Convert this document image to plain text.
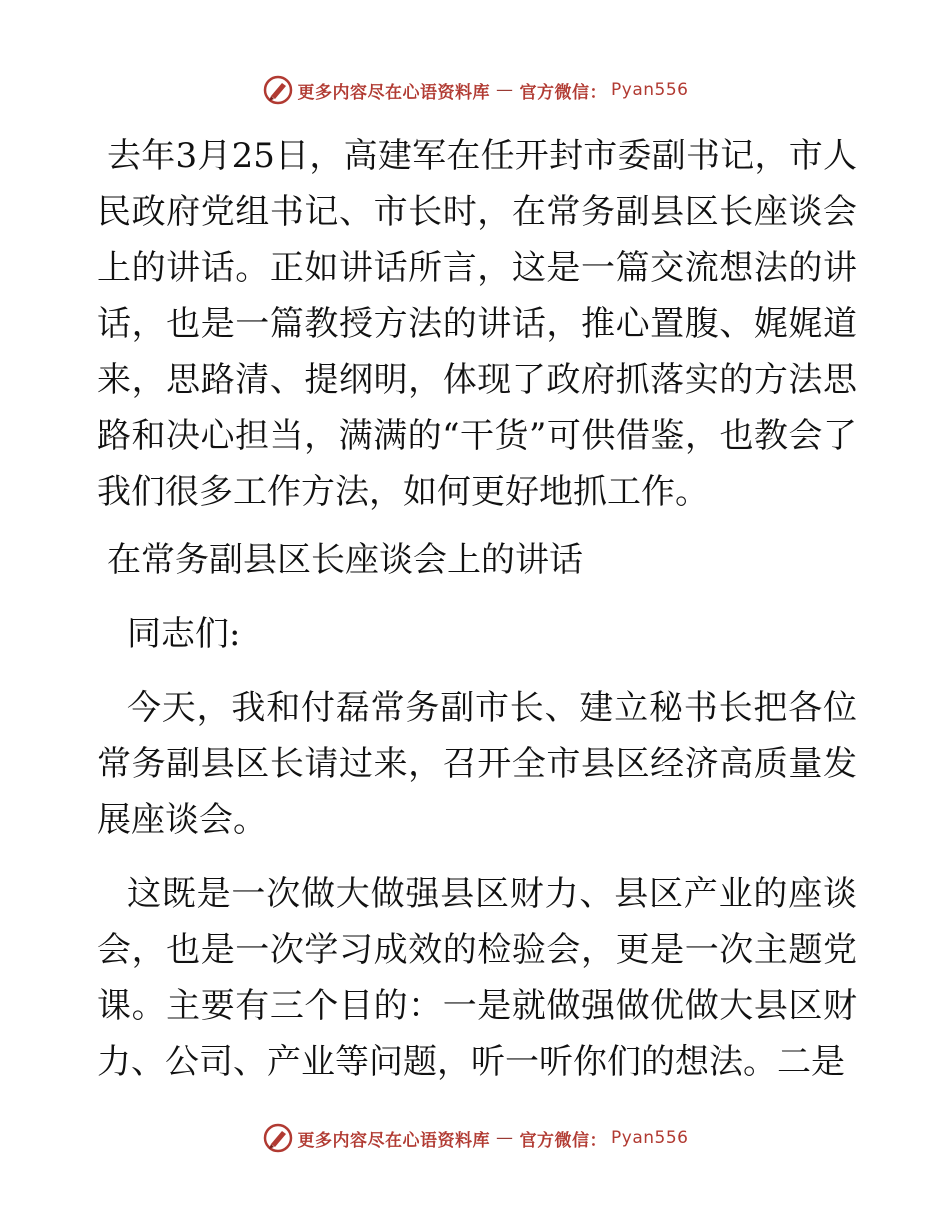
更多内容尽在心语资料库 — 官方微信： Pyan556

去年3月25日，高建军在任开封市委副书记，市人民政府党组书记、市长时，在常务副县区长座谈会上的讲话。正如讲话所言，这是一篇交流想法的讲话，也是一篇教授方法的讲话，推心置腹、娓娓道来，思路清、提纲明，体现了政府抓落实的方法思路和决心担当，满满的“干货”可供借鉴，也教会了我们很多工作方法，如何更好地抓工作。

在常务副县区长座谈会上的讲话

同志们:

今天，我和付磊常务副市长、建立秘书长把各位常务副县区长请过来，召开全市县区经济高质量发展座谈会。

这既是一次做大做强县区财力、县区产业的座谈会，也是一次学习成效的检验会，更是一次主题党课。主要有三个目的：一是就做强做优做大县区财力、公司、产业等问题，听一听你们的想法。二是

更多内容尽在心语资料库 — 官方微信： Pyan556
